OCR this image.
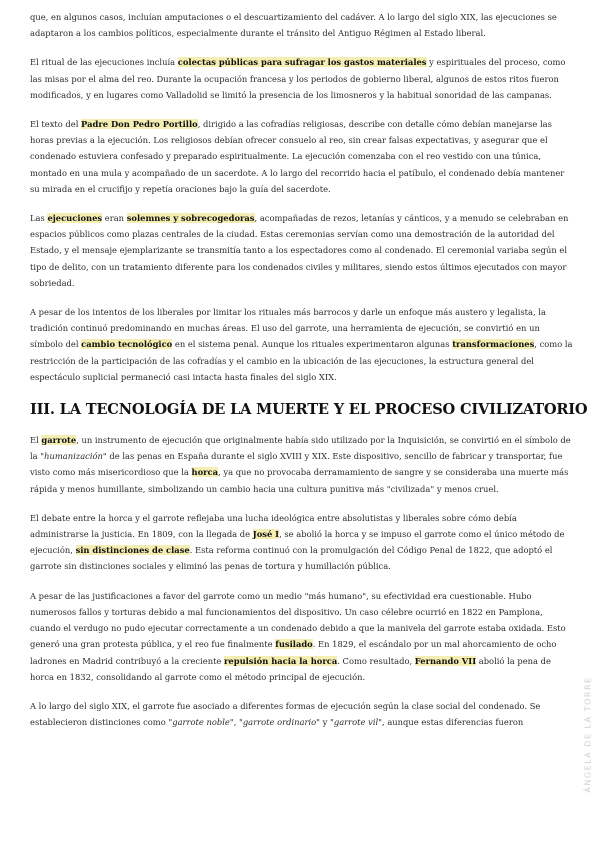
que, en algunos casos, incluían amputaciones o el descuartizamiento del cadáver. A lo largo del siglo XIX, las ejecuciones se adaptaron a los cambios políticos, especialmente durante el tránsito del Antiguo Régimen al Estado liberal.

El ritual de las ejecuciones incluía colectas públicas para sufragar los gastos materiales y espirituales del proceso, como las misas por el alma del reo. Durante la ocupación francesa y los periodos de gobierno liberal, algunos de estos ritos fueron modificados, y en lugares como Valladolid se limitó la presencia de los limosneros y la habitual sonoridad de las campanas.

El texto del Padre Don Pedro Portillo, dirigido a las cofradías religiosas, describe con detalle cómo debían manejarse las horas previas a la ejecución. Los religiosos debían ofrecer consuelo al reo, sin crear falsas expectativas, y asegurar que el condenado estuviera confesado y preparado espiritualmente. La ejecución comenzaba con el reo vestido con una túnica, montado en una mula y acompañado de un sacerdote. A lo largo del recorrido hacia el patíbulo, el condenado debía mantener su mirada en el crucifijo y repetía oraciones bajo la guía del sacerdote.

Las ejecuciones eran solemnes y sobrecogedoras, acompañadas de rezos, letanías y cánticos, y a menudo se celebraban en espacios públicos como plazas centrales de la ciudad. Estas ceremonias servían como una demostración de la autoridad del Estado, y el mensaje ejemplarizante se transmitía tanto a los espectadores como al condenado. El ceremonial variaba según el tipo de delito, con un tratamiento diferente para los condenados civiles y militares, siendo estos últimos ejecutados con mayor sobriedad.

A pesar de los intentos de los liberales por limitar los rituales más barrocos y darle un enfoque más austero y legalista, la tradición continuó predominando en muchas áreas. El uso del garrote, una herramienta de ejecución, se convirtió en un símbolo del cambio tecnológico en el sistema penal. Aunque los rituales experimentaron algunas transformaciones, como la restricción de la participación de las cofradías y el cambio en la ubicación de las ejecuciones, la estructura general del espectáculo suplicial permaneció casi intacta hasta finales del siglo XIX.

III. LA TECNOLOGÍA DE LA MUERTE Y EL PROCESO CIVILIZATORIO

El garrote, un instrumento de ejecución que originalmente había sido utilizado por la Inquisición, se convirtió en el símbolo de la "humanización" de las penas en España durante el siglo XVIII y XIX. Este dispositivo, sencillo de fabricar y transportar, fue visto como más misericordioso que la horca, ya que no provocaba derramamiento de sangre y se consideraba una muerte más rápida y menos humillante, simbolizando un cambio hacia una cultura punitiva más "civilizada" y menos cruel.

El debate entre la horca y el garrote reflejaba una lucha ideológica entre absolutistas y liberales sobre cómo debía administrarse la justicia. En 1809, con la llegada de José I, se abolió la horca y se impuso el garrote como el único método de ejecución, sin distinciones de clase. Esta reforma continuó con la promulgación del Código Penal de 1822, que adoptó el garrote sin distinciones sociales y eliminó las penas de tortura y humillación pública.

A pesar de las justificaciones a favor del garrote como un medio "más humano", su efectividad era cuestionable. Hubo numerosos fallos y torturas debido a mal funcionamientos del dispositivo. Un caso célebre ocurrió en 1822 en Pamplona, cuando el verdugo no pudo ejecutar correctamente a un condenado debido a que la manivela del garrote estaba oxidada. Esto generó una gran protesta pública, y el reo fue finalmente fusilado. En 1829, el escándalo por un mal ahorcamiento de ocho ladrones en Madrid contribuyó a la creciente repulsión hacia la horca. Como resultado, Fernando VII abolió la pena de horca en 1832, consolidando al garrote como el método principal de ejecución.

A lo largo del siglo XIX, el garrote fue asociado a diferentes formas de ejecución según la clase social del condenado. Se establecieron distinciones como "garrote noble", "garrote ordinario" y "garrote vil", aunque estas diferencias fueron	ÁNGELA DE LA TORRE
